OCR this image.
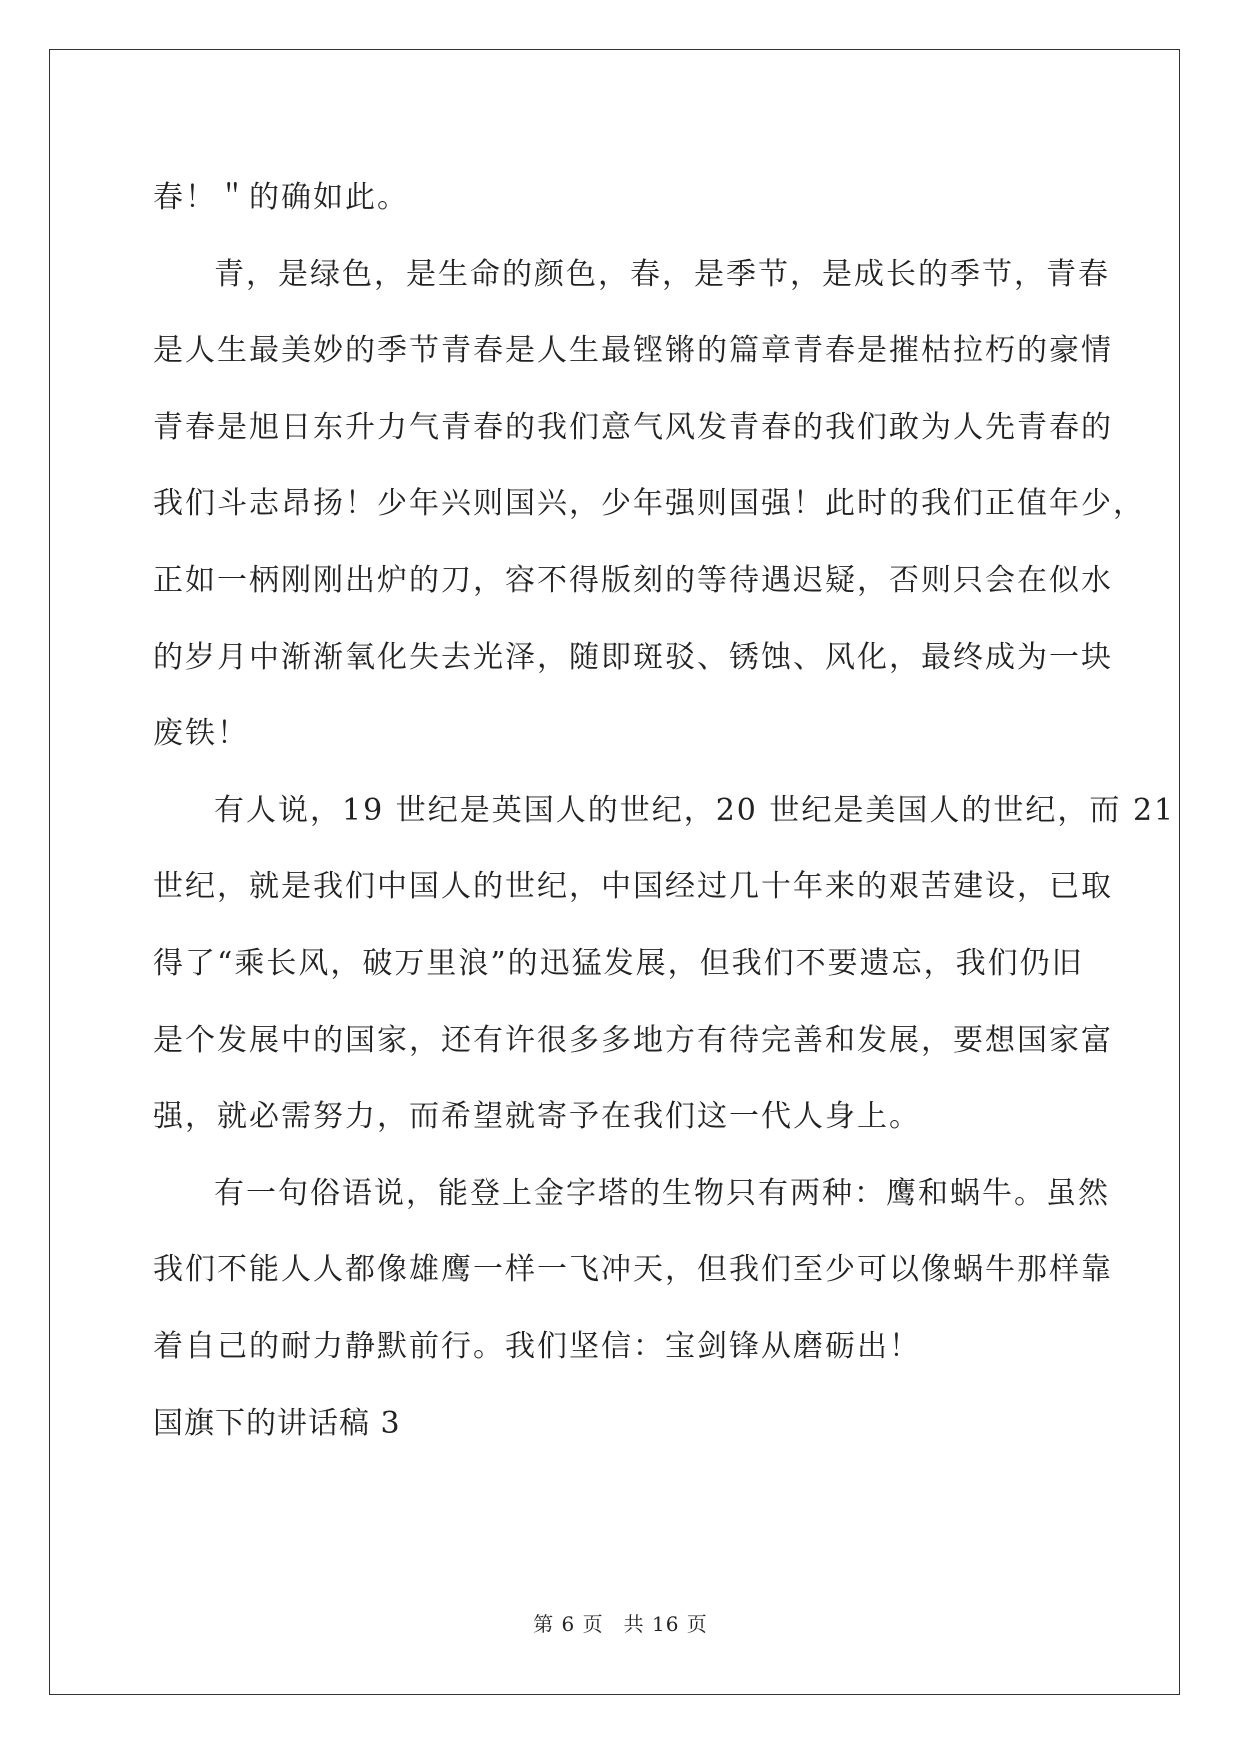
春！＂的确如此。
青，是绿色，是生命的颜色，春，是季节，是成长的季节，青春
是人生最美妙的季节青春是人生最铿锵的篇章青春是摧枯拉朽的豪情
青春是旭日东升力气青春的我们意气风发青春的我们敢为人先青春的
我们斗志昂扬！少年兴则国兴，少年强则国强！此时的我们正值年少，
正如一柄刚刚出炉的刀，容不得版刻的等待遇迟疑，否则只会在似水
的岁月中渐渐氧化失去光泽，随即斑驳、锈蚀、风化，最终成为一块
废铁！
有人说，19 世纪是英国人的世纪，20 世纪是美国人的世纪，而 21
世纪，就是我们中国人的世纪，中国经过几十年来的艰苦建设，已取
得了“乘长风，破万里浪”的迅猛发展，但我们不要遗忘，我们仍旧
是个发展中的国家，还有许很多多地方有待完善和发展，要想国家富
强，就必需努力，而希望就寄予在我们这一代人身上。
有一句俗语说，能登上金字塔的生物只有两种：鹰和蜗牛。虽然
我们不能人人都像雄鹰一样一飞冲天，但我们至少可以像蜗牛那样靠
着自己的耐力静默前行。我们坚信：宝剑锋从磨砺出！
国旗下的讲话稿 3
第 6 页 共 16 页
